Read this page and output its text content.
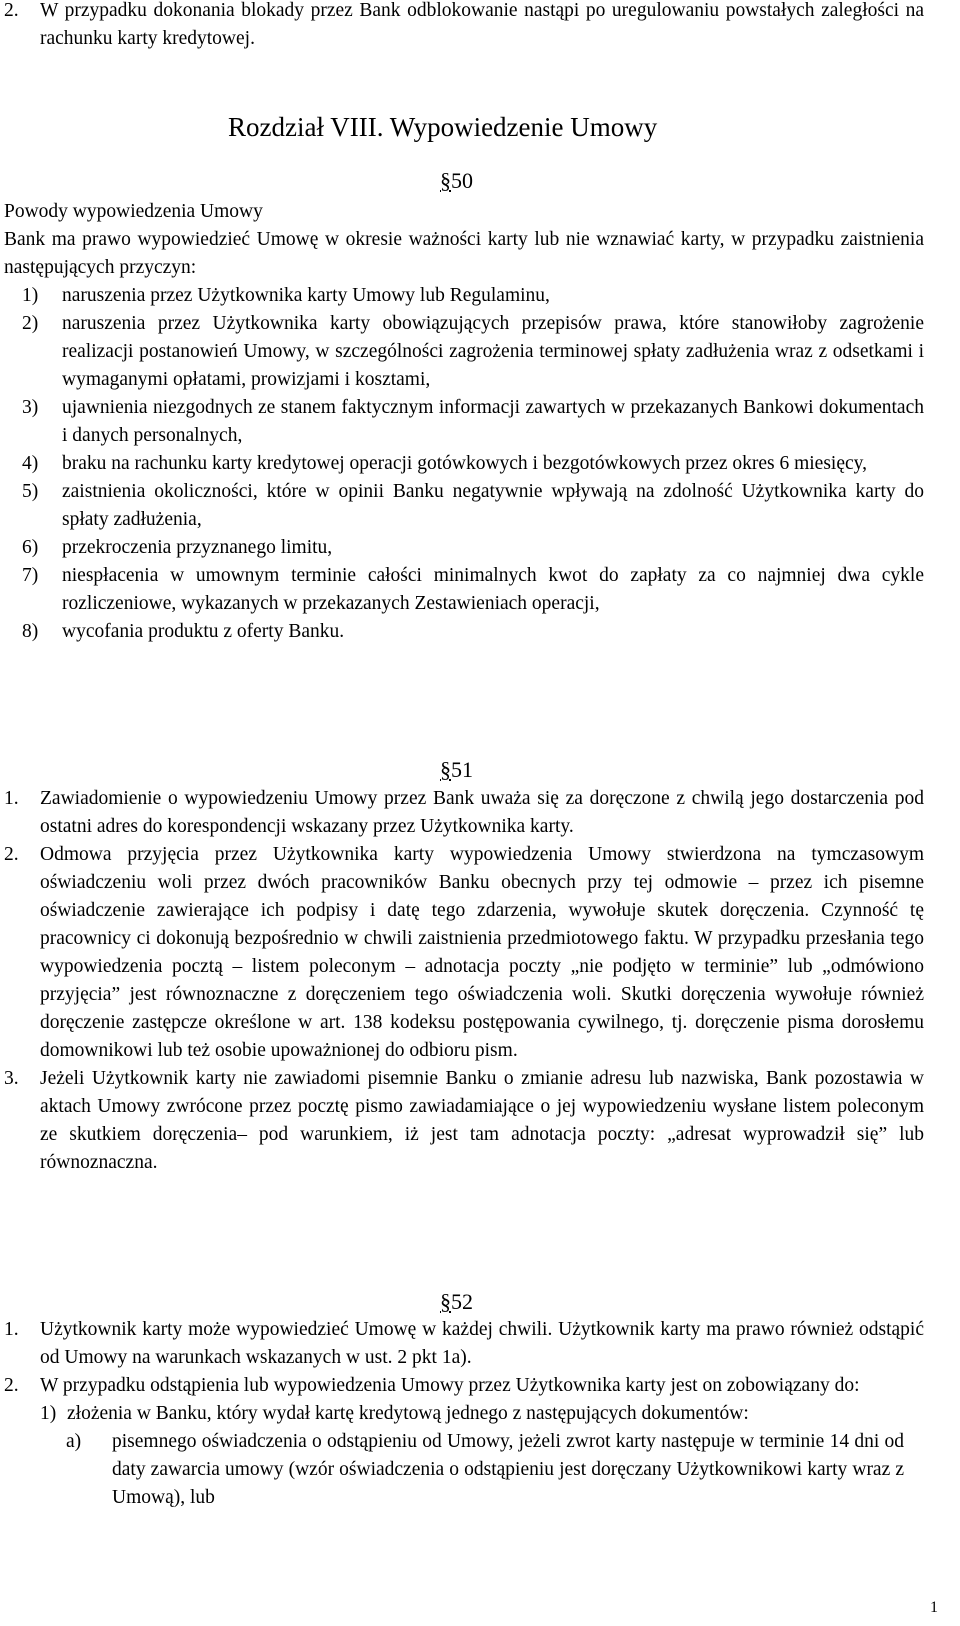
2. W przypadku dokonania blokady przez Bank odblokowanie nastąpi po uregulowaniu powstałych zaległości na rachunku karty kredytowej.
Rozdział VIII. Wypowiedzenie Umowy
§50
Powody wypowiedzenia Umowy
Bank ma prawo wypowiedzieć Umowę w okresie ważności karty lub nie wznawiać karty, w przypadku zaistnienia następujących przyczyn:
1) naruszenia przez Użytkownika karty Umowy lub Regulaminu,
2) naruszenia przez Użytkownika karty obowiązujących przepisów prawa, które stanowiłoby zagrożenie realizacji postanowień Umowy, w szczególności zagrożenia terminowej spłaty zadłużenia wraz z odsetkami i wymaganymi opłatami, prowizjami i kosztami,
3) ujawnienia niezgodnych ze stanem faktycznym informacji zawartych w przekazanych Bankowi dokumentach i danych personalnych,
4) braku na rachunku karty kredytowej operacji gotówkowych i bezgotówkowych przez okres 6 miesięcy,
5) zaistnienia okoliczności, które w opinii Banku negatywnie wpływają na zdolność Użytkownika karty do spłaty zadłużenia,
6) przekroczenia przyznanego limitu,
7) niespłacenia w umownym terminie całości minimalnych kwot do zapłaty za co najmniej dwa cykle rozliczeniowe, wykazanych w przekazanych Zestawieniach operacji,
8) wycofania produktu z oferty Banku.
§51
1. Zawiadomienie o wypowiedzeniu Umowy przez Bank uważa się za doręczone z chwilą jego dostarczenia pod ostatni adres do korespondencji wskazany przez Użytkownika karty.
2. Odmowa przyjęcia przez Użytkownika karty wypowiedzenia Umowy stwierdzona na tymczasowym oświadczeniu woli przez dwóch pracowników Banku obecnych przy tej odmowie – przez ich pisemne oświadczenie zawierające ich podpisy i datę tego zdarzenia, wywołuje skutek doręczenia. Czynność tę pracownicy ci dokonują bezpośrednio w chwili zaistnienia przedmiotowego faktu. W przypadku przesłania tego wypowiedzenia pocztą – listem poleconym – adnotacja poczty „nie podjęto w terminie” lub „odmówiono przyjęcia” jest równoznaczne z doręczeniem tego oświadczenia woli. Skutki doręczenia wywołuje również doręczenie zastępcze określone w art. 138 kodeksu postępowania cywilnego, tj. doręczenie pisma dorosłemu domownikowi lub też osobie upoważnionej do odbioru pism.
3. Jeżeli Użytkownik karty nie zawiadomi pisemnie Banku o zmianie adresu lub nazwiska, Bank pozostawia w aktach Umowy zwrócone przez pocztę pismo zawiadamiające o jej wypowiedzeniu wysłane listem poleconym ze skutkiem doręczenia– pod warunkiem, iż jest tam adnotacja poczty: „adresat wyprowadził się” lub równoznaczna.
§52
1. Użytkownik karty może wypowiedzieć Umowę w każdej chwili. Użytkownik karty ma prawo również odstąpić od Umowy na warunkach wskazanych w ust. 2 pkt 1a).
2. W przypadku odstąpienia lub wypowiedzenia Umowy przez Użytkownika karty jest on zobowiązany do:
1) złożenia w Banku, który wydał kartę kredytową jednego z następujących dokumentów:
a) pisemnego oświadczenia o odstąpieniu od Umowy, jeżeli zwrot karty następuje w terminie 14 dni od daty zawarcia umowy (wzór oświadczenia o odstąpieniu jest doręczany Użytkownikowi karty wraz z Umową), lub
1
